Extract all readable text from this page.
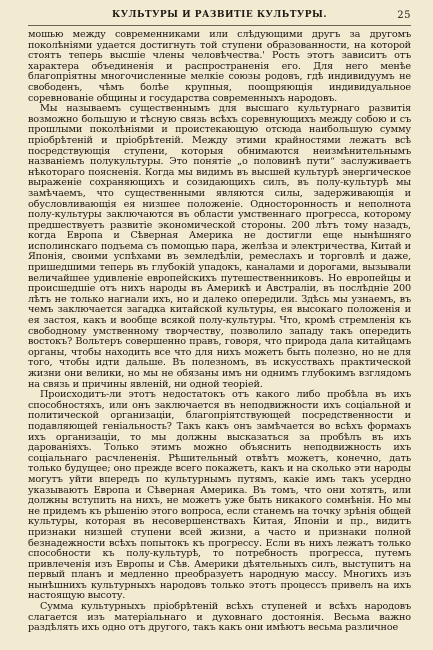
КУЛЬТУРЫ И РАЗВИТІЕ КУЛЬТУРЫ.	25

мошью между современниками или слѣдующими другъ за другомъ поколѣніями удается достигнуть той ступени образованности, на которой стоятъ теперь высшіе члены человѣчества.' Рость этотъ зависитъ отъ характера объединенія и распространенія его. Для него менѣе благопріятны многочисленные мелкіе союзы родовъ, гдѣ индивидуумъ не свободенъ, чѣмъ болѣе крупныя, поощряющія индивидуальное соревнованіе общины и государства современныхъ народовъ.

Мы называемъ существеннымъ для высшаго культурнаго развитія возможно большую и тѣсную связь всѣхъ соревнующихъ между собою и съ прошлыми поколѣніями и проистекающую отсюда наибольшую сумму пріобрѣтеній и пріобрѣтеній. Между этими крайностями лежатъ всѣ посредствующія ступени, которыя обнимаются неизмѣнительнымъ названіемъ полукультуры. Это понятіе „о половинѣ пути“ заслуживаетъ нѣкотораго поясненія. Когда мы видимъ въ высшей культурѣ энергическое выраженіе сохраняющихъ и созидающихъ силъ, въ полу-культурѣ мы замѣчаемъ, что существенными являются силы, задерживающія и обусловливающія ея низшее положеніе. Односторонность и неполнота полу-культуры заключаются въ области умственнаго прогресса, которому предшествуетъ развитіе экономической стороны. 200 лѣтъ тому назадъ, когда Европа и Сѣверная Америка не достигли еще нынѣшняго исполинскаго подъема съ помощью пара, желѣза и электричества, Китай и Японія, своими успѣхами въ земледѣліи, ремеслахъ и торговлѣ и даже, пришедшими теперь въ глубокій упадокъ, каналами и дорогами, вызывали величайшее удивленіе европейскихъ путешественниковъ. Но европейцы и происшедшіе отъ нихъ народы въ Америкѣ и Австраліи, въ послѣдніе 200 лѣтъ не только нагнали ихъ, но и далеко опередили. Здѣсь мы узнаемъ, въ чемъ заключается загадка китайской культуры, ея высокаго положенія и ея застоя, какъ и вообще всякой полу-культуры. Что, кромѣ стремленія къ свободному умственному творчеству, позволило западу такъ опередить востокъ? Вольтеръ совершенно правъ, говоря, что природа дала китайцамъ органы, чтобы находить все что для нихъ можетъ быть полезно, но не для того, чтобы идти дальше. Въ полезномъ, въ искусствахъ практической жизни они велики, но мы не обязаны имъ ни однимъ глубокимъ взглядомъ на связь и причины явленій, ни одной теоріей.

Происходитъ-ли этотъ недостатокъ отъ какого либо пробѣла въ ихъ способностяхъ, или онъ заключается въ неподвижности ихъ соціальной и политической организаціи, благопріятствующей посредственности и подавляющей геніальность? Такъ какъ онъ замѣчается во всѣхъ формахъ ихъ организаціи, то мы должны высказаться за пробѣлъ въ ихъ дарованіяхъ. Только этимъ можно объяснить неподвижность ихъ соціальнаго расчлененія. Рѣшительный отвѣтъ можетъ, конечно, дать только будущее; оно прежде всего покажетъ, какъ и на сколько эти народы могутъ уйти впередъ по культурнымъ путямъ, какіе имъ такъ усердно указываютъ Европа и Сѣверная Америка. Въ томъ, что они хотятъ, или должны вступить на нихъ, не можетъ уже быть никакого сомнѣнія. Но мы не придемъ къ рѣшенію этого вопроса, если станемъ на точку зрѣнія общей культуры, которая въ несовершенствахъ Китая, Японіи и пр., видитъ признаки низшей ступени всей жизни, а часто и признаки полной безнадежности всѣхъ попытокъ къ прогрессу. Если въ нихъ лежатъ только способности къ полу-культурѣ, то потребность прогресса, путемъ привлеченія изъ Европы и Сѣв. Америки дѣятельныхъ силъ, выступитъ на первый планъ и медленно преобразуетъ народную массу. Многихъ изъ нынѣшнихъ культурныхъ народовъ только этотъ процессъ привелъ на ихъ настоящую высоту.

Сумма культурныхъ пріобрѣтеній всѣхъ ступеней и всѣхъ народовъ слагается изъ матеріальнаго и духовнаго достоянія. Весьма важно раздѣлять ихъ одно отъ другого, такъ какъ они имѣютъ весьма различное
